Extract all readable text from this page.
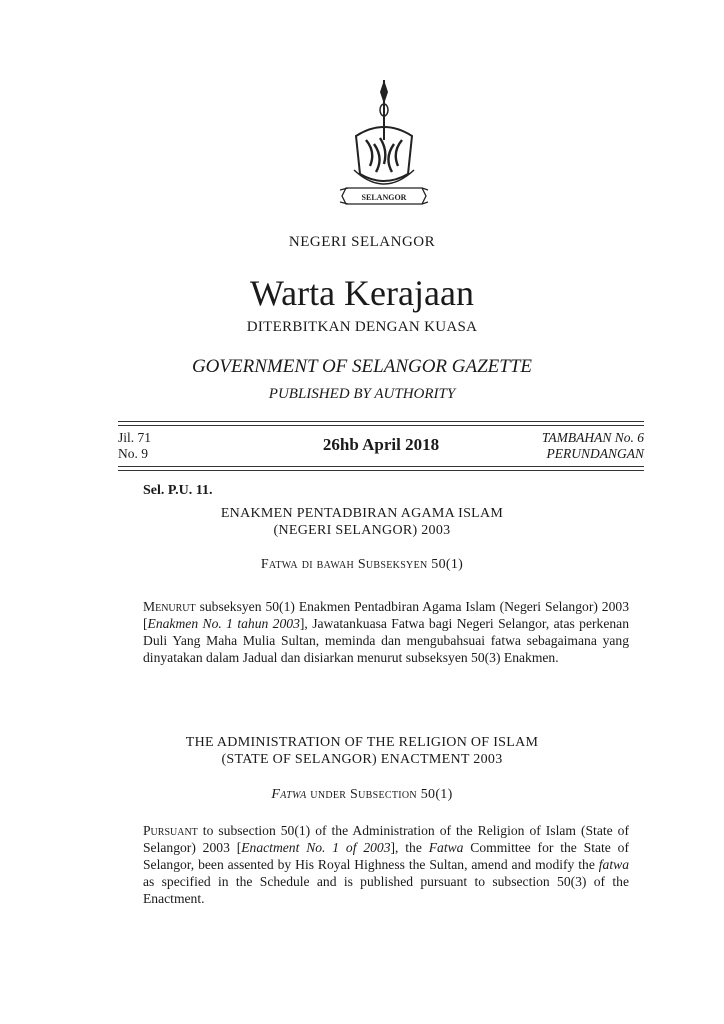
SELANGOR
NEGERI SELANGOR
Warta Kerajaan
DITERBITKAN DENGAN KUASA
GOVERNMENT OF SELANGOR GAZETTE
PUBLISHED BY AUTHORITY
Jil. 71
No. 9	26hb April 2018	TAMBAHAN No. 6
PERUNDANGAN
Sel. P.U. 11.
ENAKMEN PENTADBIRAN AGAMA ISLAM
(NEGERI SELANGOR) 2003
Fatwa di bawah Subseksyen 50(1)
Menurut subseksyen 50(1) Enakmen Pentadbiran Agama Islam (Negeri Selangor) 2003 [Enakmen No. 1 tahun 2003], Jawatankuasa Fatwa bagi Negeri Selangor, atas perkenan Duli Yang Maha Mulia Sultan, meminda dan mengubahsuai fatwa sebagaimana yang dinyatakan dalam Jadual dan disiarkan menurut subseksyen 50(3) Enakmen.
THE ADMINISTRATION OF THE RELIGION OF ISLAM
(STATE OF SELANGOR) ENACTMENT 2003
Fatwa under Subsection 50(1)
Pursuant to subsection 50(1) of the Administration of the Religion of Islam (State of Selangor) 2003 [Enactment No. 1 of 2003], the Fatwa Committee for the State of Selangor, been assented by His Royal Highness the Sultan, amend and modify the fatwa as specified in the Schedule and is published pursuant to subsection 50(3) of the Enactment.
